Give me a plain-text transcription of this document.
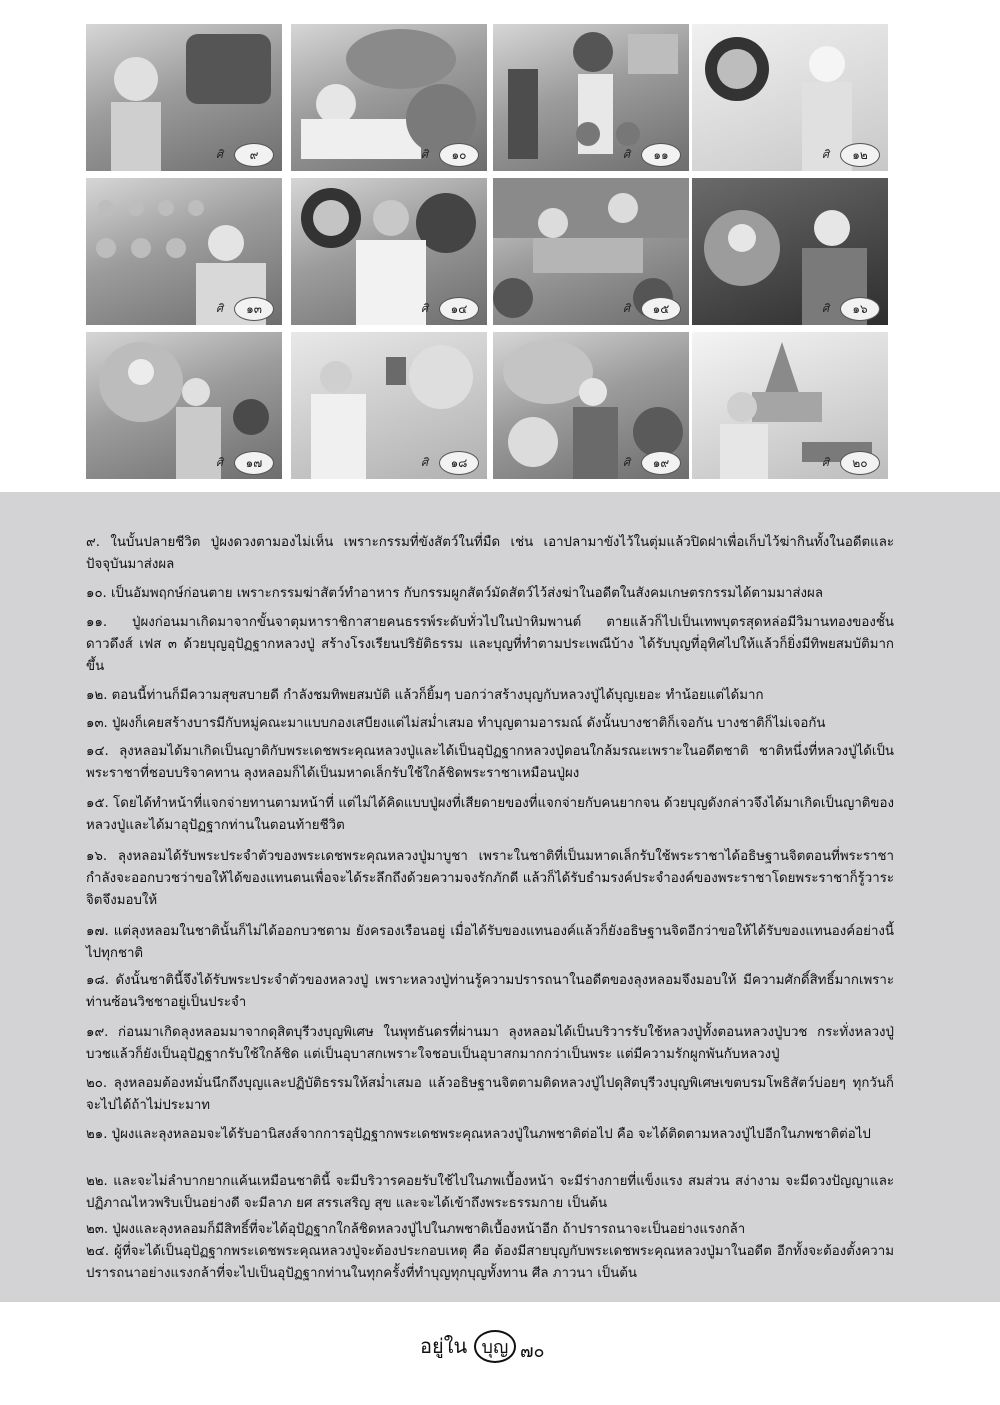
ศิ	๙	ศิ	๑๐	ศิ	๑๑	ศิ	๑๒
ศิ	๑๓	ศิ	๑๔	ศิ	๑๕	ศิ	๑๖
ศิ	๑๗	ศิ	๑๘	ศิ	๑๙	ศิ	๒๐

๙. ในบั้นปลายชีวิต ปู่ผงดวงตามองไม่เห็น เพราะกรรมที่ขังสัตว์ในที่มืด เช่น เอาปลามาขังไว้ในตุ่มแล้วปิดฝาเพื่อเก็บไว้ฆ่ากินทั้งในอดีตและปัจจุบันมาส่งผล

๑๐. เป็นอัมพฤกษ์ก่อนตาย เพราะกรรมฆ่าสัตว์ทำอาหาร กับกรรมผูกสัตว์มัดสัตว์ไว้ส่งฆ่าในอดีตในสังคมเกษตรกรรมได้ตามมาส่งผล

๑๑. ปู่ผงก่อนมาเกิดมาจากขั้นจาตุมหาราชิกาสายคนธรรพ์ระดับทั่วไปในป่าหิมพานต์ ตายแล้วก็ไปเป็นเทพบุตรสุดหล่อมีวิมานทองของชั้นดาวดึงส์ เฟส ๓ ด้วยบุญอุปัฏฐากหลวงปู่ สร้างโรงเรียนปริยัติธรรม และบุญที่ทำตามประเพณีบ้าง ได้รับบุญที่อุทิศไปให้แล้วก็ยิ่งมีทิพยสมบัติมากขึ้น

๑๒. ตอนนี้ท่านก็มีความสุขสบายดี กำลังชมทิพยสมบัติ แล้วก็ยิ้มๆ บอกว่าสร้างบุญกับหลวงปู่ได้บุญเยอะ ทำน้อยแต่ได้มาก

๑๓. ปู่ผงก็เคยสร้างบารมีกับหมู่คณะมาแบบกองเสบียงแต่ไม่สม่ำเสมอ ทำบุญตามอารมณ์ ดังนั้นบางชาติก็เจอกัน บางชาติก็ไม่เจอกัน

๑๔. ลุงหลอมได้มาเกิดเป็นญาติกับพระเดชพระคุณหลวงปู่และได้เป็นอุปัฏฐากหลวงปู่ตอนใกล้มรณะเพราะในอดีตชาติ ชาติหนึ่งที่หลวงปู่ได้เป็นพระราชาที่ชอบบริจาคทาน ลุงหลอมก็ได้เป็นมหาดเล็กรับใช้ใกล้ชิดพระราชาเหมือนปู่ผง

๑๕. โดยได้ทำหน้าที่แจกจ่ายทานตามหน้าที่ แต่ไม่ได้คิดแบบปู่ผงที่เสียดายของที่แจกจ่ายกับคนยากจน ด้วยบุญดังกล่าวจึงได้มาเกิดเป็นญาติของหลวงปู่และได้มาอุปัฏฐากท่านในตอนท้ายชีวิต

๑๖. ลุงหลอมได้รับพระประจำตัวของพระเดชพระคุณหลวงปู่มาบูชา เพราะในชาติที่เป็นมหาดเล็กรับใช้พระราชาได้อธิษฐานจิตตอนที่พระราชากำลังจะออกบวชว่าขอให้ได้ของแทนตนเพื่อจะได้ระลึกถึงด้วยความจงรักภักดี แล้วก็ได้รับธำมรงค์ประจำองค์ของพระราชาโดยพระราชาก็รู้วาระจิตจึงมอบให้

๑๗. แต่ลุงหลอมในชาตินั้นก็ไม่ได้ออกบวชตาม ยังครองเรือนอยู่ เมื่อได้รับของแทนองค์แล้วก็ยังอธิษฐานจิตอีกว่าขอให้ได้รับของแทนองค์อย่างนี้ไปทุกชาติ

๑๘. ดังนั้นชาตินี้จึงได้รับพระประจำตัวของหลวงปู่ เพราะหลวงปู่ท่านรู้ความปรารถนาในอดีตของลุงหลอมจึงมอบให้ มีความศักดิ์สิทธิ์มากเพราะท่านซ้อนวิชชาอยู่เป็นประจำ

๑๙. ก่อนมาเกิดลุงหลอมมาจากดุสิตบุรีวงบุญพิเศษ ในพุทธันดรที่ผ่านมา ลุงหลอมได้เป็นบริวารรับใช้หลวงปู่ทั้งตอนหลวงปู่บวช กระทั่งหลวงปู่บวชแล้วก็ยังเป็นอุปัฏฐากรับใช้ใกล้ชิด แต่เป็นอุบาสกเพราะใจชอบเป็นอุบาสกมากกว่าเป็นพระ แต่มีความรักผูกพันกับหลวงปู่

๒๐. ลุงหลอมต้องหมั่นนึกถึงบุญและปฏิบัติธรรมให้สม่ำเสมอ แล้วอธิษฐานจิตตามติดหลวงปู่ไปดุสิตบุรีวงบุญพิเศษเขตบรมโพธิสัตว์บ่อยๆ ทุกวันก็จะไปได้ถ้าไม่ประมาท

๒๑. ปู่ผงและลุงหลอมจะได้รับอานิสงส์จากการอุปัฏฐากพระเดชพระคุณหลวงปู่ในภพชาติต่อไป คือ จะได้ติดตามหลวงปู่ไปอีกในภพชาติต่อไป

๒๒. และจะไม่ลำบากยากแค้นเหมือนชาตินี้ จะมีบริวารคอยรับใช้ไปในภพเบื้องหน้า จะมีร่างกายที่แข็งแรง สมส่วน สง่างาม จะมีดวงปัญญาและปฏิภาณไหวพริบเป็นอย่างดี จะมีลาภ ยศ สรรเสริญ สุข และจะได้เข้าถึงพระธรรมกาย เป็นต้น

๒๓. ปู่ผงและลุงหลอมก็มีสิทธิ์ที่จะได้อุปัฏฐากใกล้ชิดหลวงปู่ไปในภพชาติเบื้องหน้าอีก ถ้าปรารถนาจะเป็นอย่างแรงกล้า

๒๔. ผู้ที่จะได้เป็นอุปัฏฐากพระเดชพระคุณหลวงปู่จะต้องประกอบเหตุ คือ ต้องมีสายบุญกับพระเดชพระคุณหลวงปู่มาในอดีต อีกทั้งจะต้องตั้งความปรารถนาอย่างแรงกล้าที่จะไปเป็นอุปัฏฐากท่านในทุกครั้งที่ทำบุญทุกบุญทั้งทาน ศีล ภาวนา เป็นต้น

อยู่ใน บุญ ๗๐
